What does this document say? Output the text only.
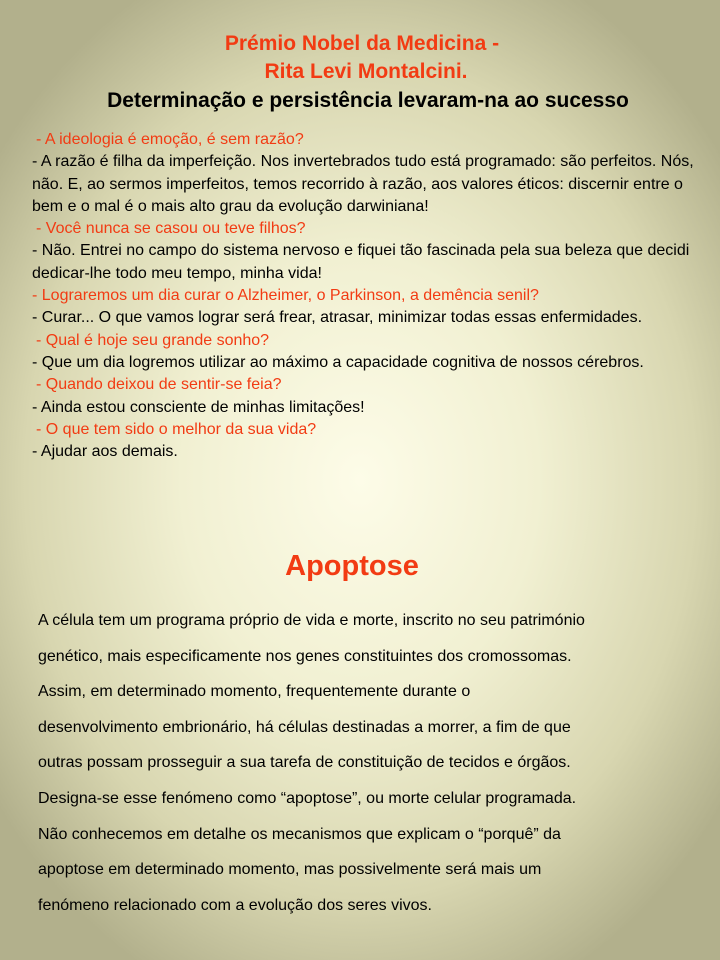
Prémio Nobel da Medicina -
Rita Levi Montalcini.
Determinação e persistência levaram-na ao sucesso
- A ideologia é emoção, é sem razão?
- A razão é filha da imperfeição. Nos invertebrados tudo está programado: são perfeitos. Nós, não. E, ao sermos imperfeitos, temos recorrido à razão, aos valores éticos: discernir entre o bem e o mal é o mais alto grau da evolução darwiniana!
- Você nunca se casou ou teve filhos?
- Não. Entrei no campo do sistema nervoso e fiquei tão fascinada pela sua beleza que decidi dedicar-lhe todo meu tempo, minha vida!
- Lograremos um dia curar o Alzheimer, o Parkinson, a demência senil?
- Curar... O que vamos lograr será frear, atrasar, minimizar todas essas enfermidades.
- Qual é hoje seu grande sonho?
- Que um dia logremos utilizar ao máximo a capacidade cognitiva de nossos cérebros.
- Quando deixou de sentir-se feia?
- Ainda estou consciente de minhas limitações!
- O que tem sido o melhor da sua vida?
- Ajudar aos demais.
Apoptose

A célula tem um programa próprio de vida e morte, inscrito no seu património
genético, mais especificamente nos genes constituintes dos cromossomas.
Assim, em determinado momento, frequentemente durante o
desenvolvimento embrionário, há células destinadas a morrer, a fim de que
outras possam prosseguir a sua tarefa de constituição de tecidos e órgãos.
Designa-se esse fenómeno como “apoptose”, ou morte celular programada.
Não conhecemos em detalhe os mecanismos que explicam o “porquê” da
apoptose em determinado momento, mas possivelmente será mais um
fenómeno relacionado com a evolução dos seres vivos.
